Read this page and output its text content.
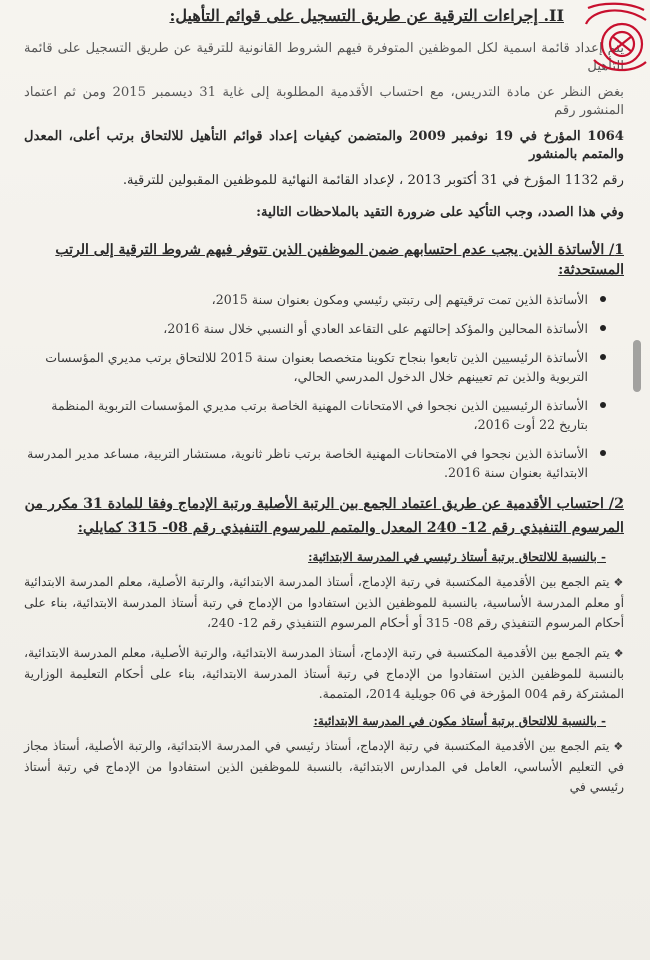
II. إجراءات الترقية عن طريق التسجيل على قوائم التأهيل:

يتم إعداد قائمة اسمية لكل الموظفين المتوفرة فيهم الشروط القانونية للترقية عن طريق التسجيل على قائمة التأهيل

بغض النظر عن مادة التدريس، مع احتساب الأقدمية المطلوبة إلى غاية 31 ديسمبر 2015 ومن ثم اعتماد المنشور رقم

1064 المؤرخ في 19 نوفمبر 2009 والمتضمن كيفيات إعداد قوائم التأهيل للالتحاق برتب أعلى، المعدل والمتمم بالمنشور

رقم 1132 المؤرخ في 31 أكتوبر 2013 ، لإعداد القائمة النهائية للموظفين المقبولين للترقية.

وفي هذا الصدد، وجب التأكيد على ضرورة التقيد بالملاحظات التالية:

1/ الأساتذة الذين يجب عدم احتسابهم ضمن الموظفين الذين تتوفر فيهم شروط الترقية إلى الرتب المستحدثة:
الأساتذة الذين تمت ترقيتهم إلى رتبتي رئيسي ومكون بعنوان سنة 2015،
الأساتذة المحالين والمؤكد إحالتهم على التقاعد العادي أو النسبي خلال سنة 2016،
الأساتذة الرئيسيين الذين تابعوا بنجاح تكوينا متخصصا بعنوان سنة 2015 للالتحاق برتب مديري المؤسسات التربوية والذين تم تعيينهم خلال الدخول المدرسي الحالي،
الأساتذة الرئيسيين الذين نجحوا في الامتحانات المهنية الخاصة برتب مديري المؤسسات التربوية المنظمة بتاريخ 22 أوت 2016،
الأساتذة الذين نجحوا في الامتحانات المهنية الخاصة برتب ناظر ثانوية، مستشار التربية، مساعد مدير المدرسة الابتدائية بعنوان سنة 2016.
2/ احتساب الأقدمية عن طريق اعتماد الجمع بين الرتبة الأصلية ورتبة الإدماج وفقا للمادة 31 مكرر من المرسوم التنفيذي رقم 12- 240 المعدل والمتمم للمرسوم التنفيذي رقم 08- 315 كمايلي:
- بالنسبة للالتحاق برتبة أستاذ رئيسي في المدرسة الابتدائية:

❖يتم الجمع بين الأقدمية المكتسبة في رتبة الإدماج، أستاذ المدرسة الابتدائية، والرتبة الأصلية، معلم المدرسة الابتدائية أو معلم المدرسة الأساسية، بالنسبة للموظفين الذين استفادوا من الإدماج في رتبة أستاذ المدرسة الابتدائية، بناء على أحكام المرسوم التنفيذي رقم 08- 315 أو أحكام المرسوم التنفيذي رقم 12- 240،

❖يتم الجمع بين الأقدمية المكتسبة في رتبة الإدماج، أستاذ المدرسة الابتدائية، والرتبة الأصلية، معلم المدرسة الابتدائية، بالنسبة للموظفين الذين استفادوا من الإدماج في رتبة أستاذ المدرسة الابتدائية، بناء على أحكام التعليمة الوزارية المشتركة رقم 004 المؤرخة في 06 جويلية 2014، المتممة.

- بالنسبة للالتحاق برتبة أستاذ مكون في المدرسة الابتدائية:

❖يتم الجمع بين الأقدمية المكتسبة في رتبة الإدماج، أستاذ رئيسي في المدرسة الابتدائية، والرتبة الأصلية، أستاذ مجاز في التعليم الأساسي، العامل في المدارس الابتدائية، بالنسبة للموظفين الذين استفادوا من الإدماج في رتبة أستاذ رئيسي في
